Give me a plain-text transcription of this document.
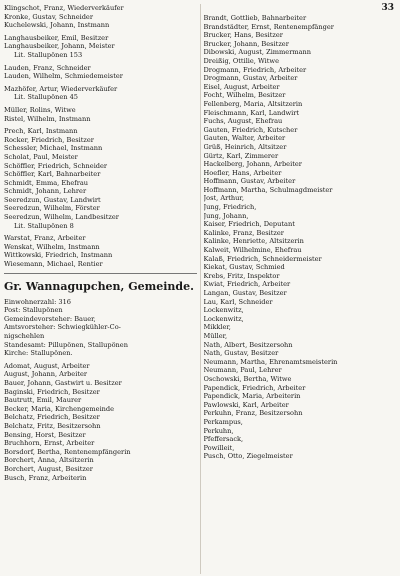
33
Klingschot, Franz, Wiederverkäufer
Kronke, Gustav, Schneider
Kuchelewski, Johann, Instmann
Langhausbeiker, Emil, Besitzer
Langhausbeiker, Johann, Meister
Lit. Stallupönen 153
Lauden, Franz, Schneider
Lauden, Wilhelm, Schmiedemeister
Mazhöfer, Artur, Wiederverkäufer
Lit. Stallupönen 45
Müller, Rolins, Witwe
Ristel, Wilhelm, Instmann
Prech, Karl, Instmann
Rocker, Friedrich, Besitzer
Schessler, Michael, Instmann
Scholat, Paul, Meister
Schöffler, Friedrich, Schneider
Schöffler, Karl, Bahnarbeiter
Schmidt, Emma, Ehefrau
Schmidt, Johann, Lehrer
Seeredzun, Gustav, Landwirt
Seeredzun, Wilhelm, Förster
Seeredzun, Wilhelm, Landbesitzer
Lit. Stallupönen 8
Warstat, Franz, Arbeiter
Wenskat, Wilhelm, Instmann
Wittkowski, Friedrich, Instmann
Wiesemann, Michael, Rentier
Gr. Wannagupchen, Gemeinde.
Einwohnerzahl: 316
Post: Stallupönen
Gemeindevorsteher: Bauer,
Amtsvorsteher: Schwiegkühler-Co-
nigschehlen
Standesamt: Pillupönen, Stallupönen
Kirche: Stallupönen.
Adomat, August, Arbeiter
August, Johann, Arbeiter
Bauer, Johann, Gastwirt u. Besitzer
Baginski, Friedrich, Besitzer
Bautrutt, Emil, Maurer
Becker, Maria, Kirchengemeinde
Belchatz, Friedrich, Besitzer
Belchatz, Fritz, Besitzersohn
Bensing, Horst, Besitzer
Bruchhorn, Ernst, Arbeiter
Borsdorf, Bertha, Rentenempfängerin
Borchert, Anna, Altsitzerin
Borchert, August, Besitzer
Busch, Franz, Arbeiterin
Brandt, Gottlieb, Bahnarbeiter
Brandstädter, Ernst, Rentenempfänger
Brucker, Hans, Besitzer
Brucker, Johann, Besitzer
Dibowski, August, Zimmermann
Dreißig, Ottilie, Witwe
Drogmann, Friedrich, Arbeiter
Drogmann, Gustav, Arbeiter
Eisel, August, Arbeiter
Focht, Wilhelm, Besitzer
Fellenberg, Maria, Altsitzerin
Fleischmann, Karl, Landwirt
Fuchs, August, Ehefrau
Gauten, Friedrich, Kutscher
Gauten, Walter, Arbeiter
Grüß, Heinrich, Altsitzer
Gürtz, Karl, Zimmerer
Hackelberg, Johann, Arbeiter
Hoefler, Hans, Arbeiter
Hoffmann, Gustav, Arbeiter
Hoffmann, Martha, Schulmagdmeister
Jost, Arthur,
Jung, Friedrich,
Jung, Johann,
Kaiser, Friedrich, Deputant
Kalinke, Franz, Besitzer
Kalinke, Henriette, Altsitzerin
Kalweit, Wilhelmine, Ehefrau
Kalaß, Friedrich, Schneidermeister
Kiekat, Gustav, Schmied
Krebs, Fritz, Inspektor
Kwiat, Friedrich, Arbeiter
Langan, Gustav, Besitzer
Lau, Karl, Schneider
Lockenwitz,
Lockenwitz,
Mikkler,
Müller,
Nath, Albert, Besitzersohn
Nath, Gustav, Besitzer
Neumann, Martha, Ehrenamtsmeisterin
Neumann, Paul, Lehrer
Oschowski, Bertha, Witwe
Papendick, Friedrich, Arbeiter
Papendick, Maria, Arbeiterin
Pawlowski, Karl, Arbeiter
Perkuhn, Franz, Besitzersohn
Perkampus,
Perkuhn,
Pfeffersack,
Powilleit,
Pusch, Otto, Ziegelmeister
